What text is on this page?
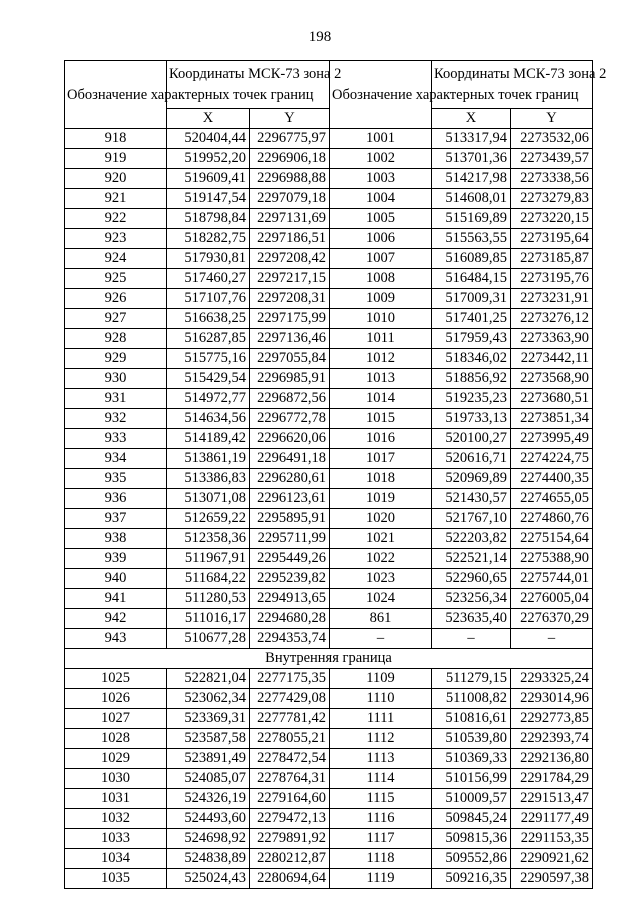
198
Обозначение характерных точек границ	Координаты МСК-73 зона 2		Обозначение характерных точек границ	Координаты МСК-73 зона 2	
	X	Y		X	Y
918	520404,44	2296775,97	1001	513317,94	2273532,06
919	519952,20	2296906,18	1002	513701,36	2273439,57
920	519609,41	2296988,88	1003	514217,98	2273338,56
921	519147,54	2297079,18	1004	514608,01	2273279,83
922	518798,84	2297131,69	1005	515169,89	2273220,15
923	518282,75	2297186,51	1006	515563,55	2273195,64
924	517930,81	2297208,42	1007	516089,85	2273185,87
925	517460,27	2297217,15	1008	516484,15	2273195,76
926	517107,76	2297208,31	1009	517009,31	2273231,91
927	516638,25	2297175,99	1010	517401,25	2273276,12
928	516287,85	2297136,46	1011	517959,43	2273363,90
929	515775,16	2297055,84	1012	518346,02	2273442,11
930	515429,54	2296985,91	1013	518856,92	2273568,90
931	514972,77	2296872,56	1014	519235,23	2273680,51
932	514634,56	2296772,78	1015	519733,13	2273851,34
933	514189,42	2296620,06	1016	520100,27	2273995,49
934	513861,19	2296491,18	1017	520616,71	2274224,75
935	513386,83	2296280,61	1018	520969,89	2274400,35
936	513071,08	2296123,61	1019	521430,57	2274655,05
937	512659,22	2295895,91	1020	521767,10	2274860,76
938	512358,36	2295711,99	1021	522203,82	2275154,64
939	511967,91	2295449,26	1022	522521,14	2275388,90
940	511684,22	2295239,82	1023	522960,65	2275744,01
941	511280,53	2294913,65	1024	523256,34	2276005,04
942	511016,17	2294680,28	861	523635,40	2276370,29
943	510677,28	2294353,74	–	–	–
Внутренняя граница					
1025	522821,04	2277175,35	1109	511279,15	2293325,24
1026	523062,34	2277429,08	1110	511008,82	2293014,96
1027	523369,31	2277781,42	1111	510816,61	2292773,85
1028	523587,58	2278055,21	1112	510539,80	2292393,74
1029	523891,49	2278472,54	1113	510369,33	2292136,80
1030	524085,07	2278764,31	1114	510156,99	2291784,29
1031	524326,19	2279164,60	1115	510009,57	2291513,47
1032	524493,60	2279472,13	1116	509845,24	2291177,49
1033	524698,92	2279891,92	1117	509815,36	2291153,35
1034	524838,89	2280212,87	1118	509552,86	2290921,62
1035	525024,43	2280694,64	1119	509216,35	2290597,38
